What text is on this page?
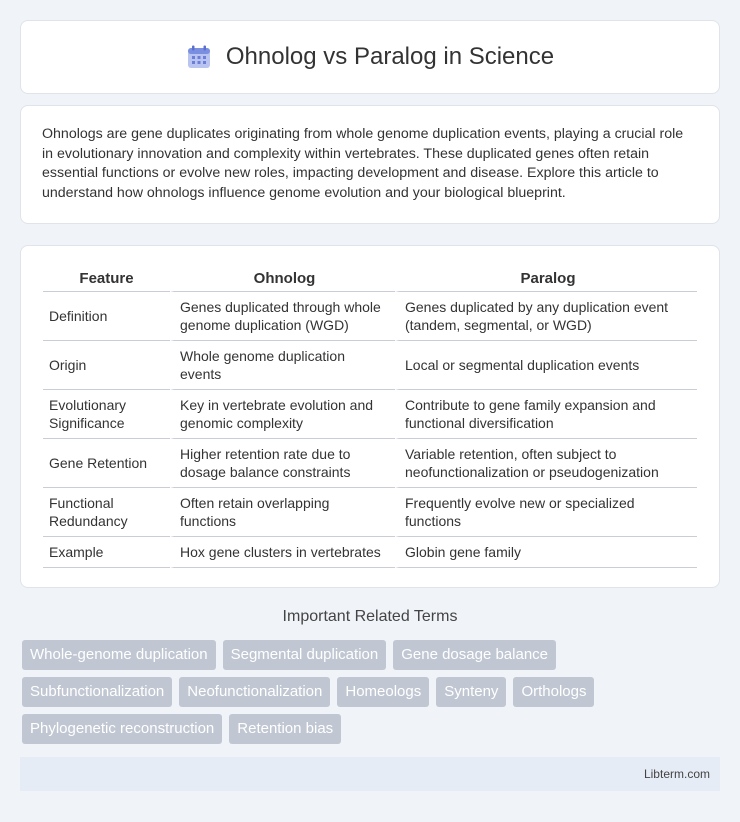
Ohnolog vs Paralog in Science

Ohnologs are gene duplicates originating from whole genome duplication events, playing a crucial role in evolutionary innovation and complexity within vertebrates. These duplicated genes often retain essential functions or evolve new roles, impacting development and disease. Explore this article to understand how ohnologs influence genome evolution and your biological blueprint.

Feature	Ohnolog	Paralog
Definition	Genes duplicated through whole genome duplication (WGD)	Genes duplicated by any duplication event (tandem, segmental, or WGD)
Origin	Whole genome duplication events	Local or segmental duplication events
Evolutionary Significance	Key in vertebrate evolution and genomic complexity	Contribute to gene family expansion and functional diversification
Gene Retention	Higher retention rate due to dosage balance constraints	Variable retention, often subject to neofunctionalization or pseudogenization
Functional Redundancy	Often retain overlapping functions	Frequently evolve new or specialized functions
Example	Hox gene clusters in vertebrates	Globin gene family
Important Related Terms
Whole-genome duplication	Segmental duplication	Gene dosage balance
Subfunctionalization	Neofunctionalization	Homeologs	Synteny	Orthologs
Phylogenetic reconstruction	Retention bias
Libterm.com
